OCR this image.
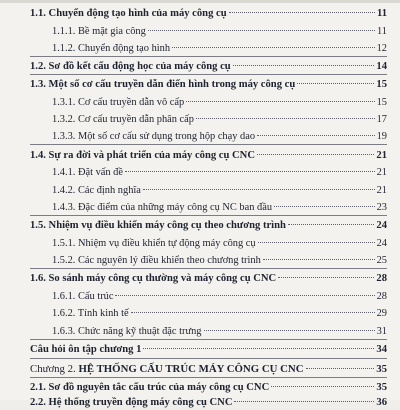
1.1. Chuyển động tạo hình của máy công cụ	11
1.1.1. Bề mặt gia công	11
1.1.2. Chuyển động tạo hình	12
1.2. Sơ đồ kết cấu động học của máy công cụ	14
1.3. Một số cơ cấu truyền dẫn điển hình trong máy công cụ	15
1.3.1. Cơ cấu truyền dẫn vô cấp	15
1.3.2. Cơ cấu truyền dẫn phân cấp	17
1.3.3. Một số cơ cấu sử dụng trong hộp chạy dao	19
1.4. Sự ra đời và phát triển của máy công cụ CNC	21
1.4.1. Đặt vấn đề	21
1.4.2. Các định nghĩa	21
1.4.3. Đặc điểm của những máy công cụ NC ban đầu	23
1.5. Nhiệm vụ điều khiển máy công cụ theo chương trình	24
1.5.1. Nhiệm vụ điều khiển tự động máy công cụ	24
1.5.2. Các nguyên lý điều khiển theo chương trình	25
1.6. So sánh máy công cụ thường và máy công cụ CNC	28
1.6.1. Cấu trúc	28
1.6.2. Tính kinh tế	29
1.6.3. Chức năng kỹ thuật đặc trưng	31
Câu hỏi ôn tập chương 1	34
Chương 2. HỆ THỐNG CẤU TRÚC MÁY CÔNG CỤ CNC	35
2.1. Sơ đồ nguyên tắc cấu trúc của máy công cụ CNC	35
2.2. Hệ thống truyền động máy công cụ CNC	36
